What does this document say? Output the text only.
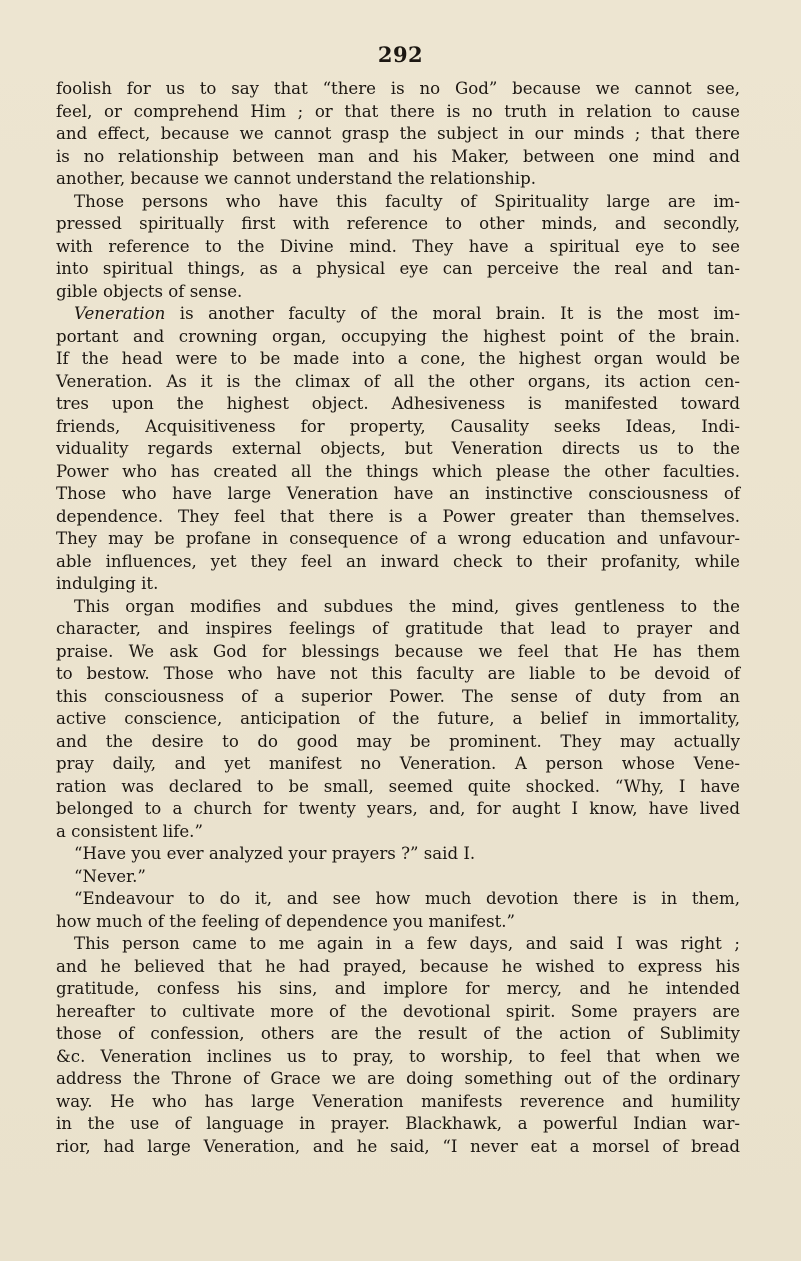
292
foolish for us to say that “there is no God” because we cannot see,
feel, or comprehend Him ; or that there is no truth in relation to cause
and effect, because we cannot grasp the subject in our minds ; that there
is no relationship between man and his Maker, between one mind and
another, because we cannot understand the relationship.
Those persons who have this faculty of Spirituality large are im-
pressed spiritually first with reference to other minds, and secondly,
with reference to the Divine mind. They have a spiritual eye to see
into spiritual things, as a physical eye can perceive the real and tan-
gible objects of sense.
Veneration is another faculty of the moral brain. It is the most im-
portant and crowning organ, occupying the highest point of the brain.
If the head were to be made into a cone, the highest organ would be
Veneration. As it is the climax of all the other organs, its action cen-
tres upon the highest object. Adhesiveness is manifested toward
friends, Acquisitiveness for property, Causality seeks Ideas, Indi-
viduality regards external objects, but Veneration directs us to the
Power who has created all the things which please the other faculties.
Those who have large Veneration have an instinctive consciousness of
dependence. They feel that there is a Power greater than themselves.
They may be profane in consequence of a wrong education and unfavour-
able influences, yet they feel an inward check to their profanity, while
indulging it.
This organ modifies and subdues the mind, gives gentleness to the
character, and inspires feelings of gratitude that lead to prayer and
praise. We ask God for blessings because we feel that He has them
to bestow. Those who have not this faculty are liable to be devoid of
this consciousness of a superior Power. The sense of duty from an
active conscience, anticipation of the future, a belief in immortality,
and the desire to do good may be prominent. They may actually
pray daily, and yet manifest no Veneration. A person whose Vene-
ration was declared to be small, seemed quite shocked. “Why, I have
belonged to a church for twenty years, and, for aught I know, have lived
a consistent life.”
“Have you ever analyzed your prayers ?” said I.
“Never.”
“Endeavour to do it, and see how much devotion there is in them,
how much of the feeling of dependence you manifest.”
This person came to me again in a few days, and said I was right ;
and he believed that he had prayed, because he wished to express his
gratitude, confess his sins, and implore for mercy, and he intended
hereafter to cultivate more of the devotional spirit. Some prayers are
those of confession, others are the result of the action of Sublimity
&c. Veneration inclines us to pray, to worship, to feel that when we
address the Throne of Grace we are doing something out of the ordinary
way. He who has large Veneration manifests reverence and humility
in the use of language in prayer. Blackhawk, a powerful Indian war-
rior, had large Veneration, and he said, “I never eat a morsel of bread
